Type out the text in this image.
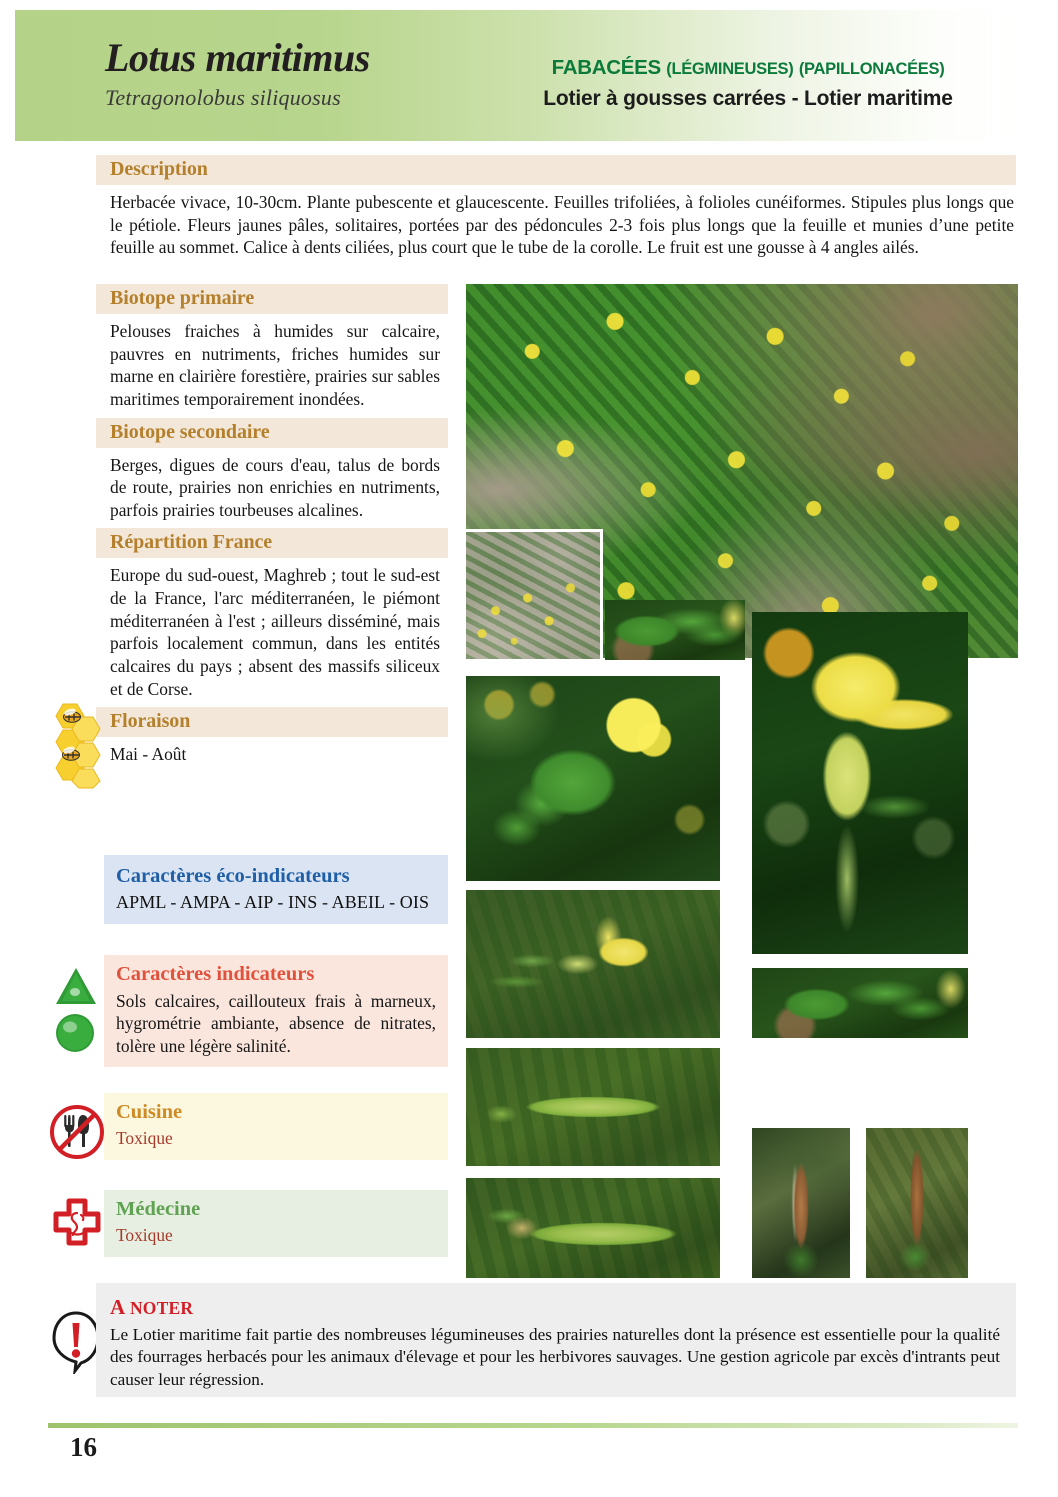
Lotus maritimus
Tetragonolobus siliquosus
FABACÉES (LÉGMINEUSES) (PAPILLONACÉES)
Lotier à gousses carrées - Lotier maritime
Description
Herbacée vivace, 10-30cm. Plante pubescente et glaucescente. Feuilles trifoliées, à folioles cunéiformes. Stipules plus longs que le pétiole. Fleurs jaunes pâles, solitaires, portées par des pédoncules 2-3 fois plus longs que la feuille et munies d’une petite feuille au sommet. Calice à dents ciliées, plus court que le tube de la corolle. Le fruit est une gousse à 4 angles ailés.
Biotope primaire
Pelouses fraiches à humides sur calcaire, pauvres en nutriments, friches humides sur marne en clairière forestière, prairies sur sables maritimes temporairement inondées.
Biotope secondaire
Berges, digues de cours d'eau, talus de bords de route, prairies non enrichies en nutriments, parfois prairies tourbeuses alcalines.
Répartition France
Europe du sud-ouest, Maghreb ; tout le sud-est de la France, l'arc méditerranéen, le piémont méditerranéen à l'est ; ailleurs disséminé, mais parfois localement commun, dans les entités calcaires du pays ; absent des massifs siliceux et de Corse.
Floraison
Mai - Août
Caractères éco-indicateurs
APML - AMPA - AIP - INS - ABEIL - OIS
Caractères indicateurs
Sols calcaires, caillouteux frais à marneux, hygrométrie ambiante, absence de nitrates, tolère une légère salinité.
Cuisine
Toxique
Médecine
Toxique
A NOTER
Le Lotier maritime fait partie des nombreuses légumineuses des prairies naturelles dont la présence est essentielle pour la qualité des fourrages herbacés pour les animaux d'élevage et pour les herbivores sauvages. Une gestion agricole par excès d'intrants peut causer leur régression.
16
